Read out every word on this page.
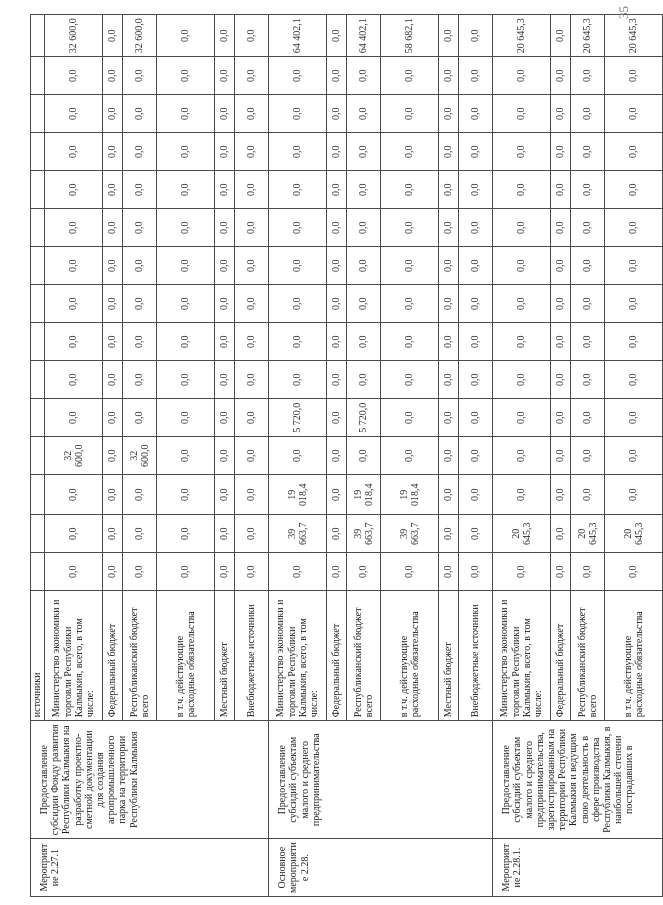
Мероприят ие 2.27.1	Предоставление субсидии Фонду развития Республики Калмыкия на разработку проектно-сметной документации для создания агропромышленного парка на территории Республики Калмыкия	источники															
		Министерство экономики и торговли Республики Калмыкия, всего, в том числе:	0,0	0,0	0,0	32 600,0	0,0	0,0	0,0	0,0	0,0	0,0	0,0	0,0	0,0	0,0	32 600,0
		Федеральный бюджет	0,0	0,0	0,0	0,0	0,0	0,0	0,0	0,0	0,0	0,0	0,0	0,0	0,0	0,0	0,0
		Республиканский бюджет всего	0,0	0,0	0,0	32 600,0	0,0	0,0	0,0	0,0	0,0	0,0	0,0	0,0	0,0	0,0	32 600,0
		в т.ч. действующие расходные обязательства	0,0	0,0	0,0	0,0	0,0	0,0	0,0	0,0	0,0	0,0	0,0	0,0	0,0	0,0	0,0
		Местный бюджет	0,0	0,0	0,0	0,0	0,0	0,0	0,0	0,0	0,0	0,0	0,0	0,0	0,0	0,0	0,0
		Внебюджетные источники	0,0	0,0	0,0	0,0	0,0	0,0	0,0	0,0	0,0	0,0	0,0	0,0	0,0	0,0	0,0
Основное мероприяти е 2.28.	Предоставление субсидий субъектам малого и среднего предпринимательства	Министерство экономики и торговли Республики Калмыкия, всего, в том числе:	0,0	39 663,7	19 018,4	0,0	5 720,0	0,0	0,0	0,0	0,0	0,0	0,0	0,0	0,0	0,0	64 402,1
		Федеральный бюджет	0,0	0,0	0,0	0,0	0,0	0,0	0,0	0,0	0,0	0,0	0,0	0,0	0,0	0,0	0,0
		Республиканский бюджет всего	0,0	39 663,7	19 018,4	0,0	5 720,0	0,0	0,0	0,0	0,0	0,0	0,0	0,0	0,0	0,0	64 402,1
		в т.ч. действующие расходные обязательства	0,0	39 663,7	19 018,4	0,0	0,0	0,0	0,0	0,0	0,0	0,0	0,0	0,0	0,0	0,0	58 682,1
		Местный бюджет	0,0	0,0	0,0	0,0	0,0	0,0	0,0	0,0	0,0	0,0	0,0	0,0	0,0	0,0	0,0
		Внебюджетные источники	0,0	0,0	0,0	0,0	0,0	0,0	0,0	0,0	0,0	0,0	0,0	0,0	0,0	0,0	0,0
Мероприят ие 2.28.1.	Предоставление субсидий субъектам малого и среднего предпринимательства, зарегистрированным на территории Республики Калмыкия и ведущим свою деятельность в сфере производства Республики Калмыкия, в наибольшей степени пострадавших в	Министерство экономики и торговли Республики Калмыкия, всего, в том числе:	0,0	20 645,3	0,0	0,0	0,0	0,0	0,0	0,0	0,0	0,0	0,0	0,0	0,0	0,0	20 645,3
		Федеральный бюджет	0,0	0,0	0,0	0,0	0,0	0,0	0,0	0,0	0,0	0,0	0,0	0,0	0,0	0,0	0,0
		Республиканский бюджет всего	0,0	20 645,3	0,0	0,0	0,0	0,0	0,0	0,0	0,0	0,0	0,0	0,0	0,0	0,0	20 645,3
		в т.ч. действующие расходные обязательства	0,0	20 645,3	0,0	0,0	0,0	0,0	0,0	0,0	0,0	0,0	0,0	0,0	0,0	0,0	20 645,3
35
